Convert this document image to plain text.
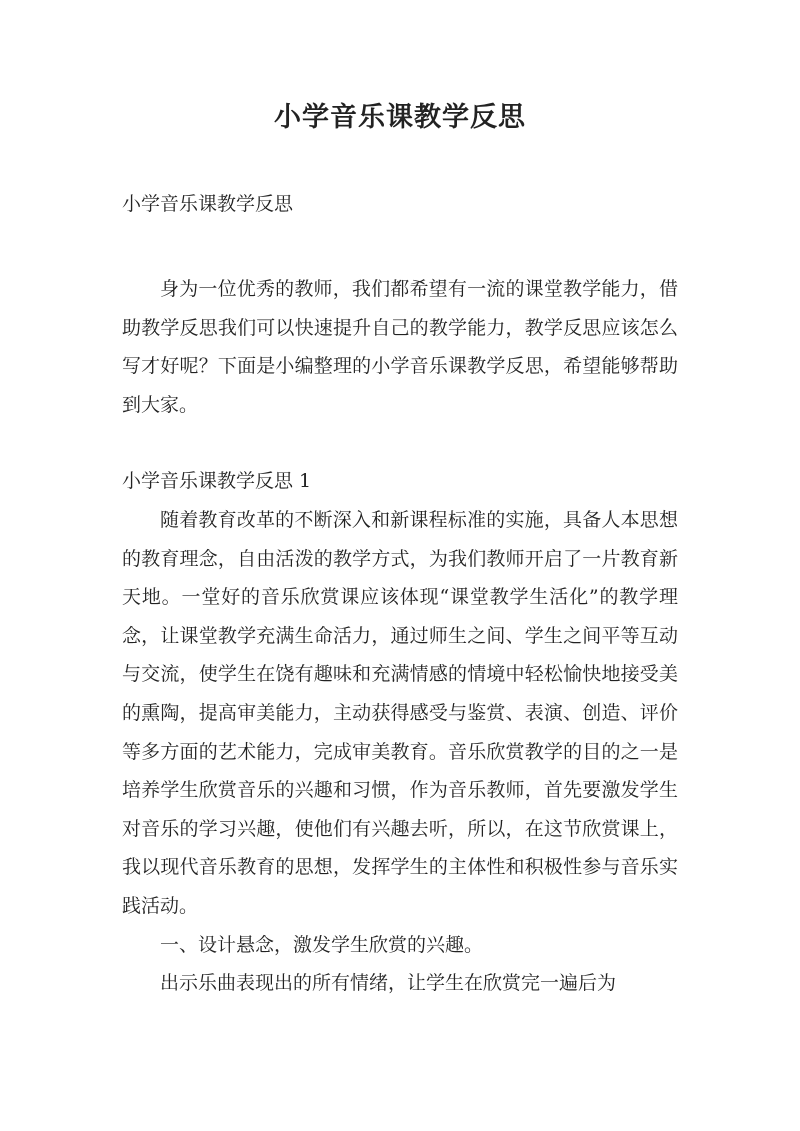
小学音乐课教学反思
小学音乐课教学反思

身为一位优秀的教师，我们都希望有一流的课堂教学能力，借助教学反思我们可以快速提升自己的教学能力，教学反思应该怎么写才好呢？下面是小编整理的小学音乐课教学反思，希望能够帮助到大家。

小学音乐课教学反思 1

随着教育改革的不断深入和新课程标准的实施，具备人本思想的教育理念，自由活泼的教学方式，为我们教师开启了一片教育新天地。一堂好的音乐欣赏课应该体现“课堂教学生活化”的教学理念，让课堂教学充满生命活力，通过师生之间、学生之间平等互动与交流，使学生在饶有趣味和充满情感的情境中轻松愉快地接受美的熏陶，提高审美能力，主动获得感受与鉴赏、表演、创造、评价等多方面的艺术能力，完成审美教育。音乐欣赏教学的目的之一是培养学生欣赏音乐的兴趣和习惯，作为音乐教师，首先要激发学生对音乐的学习兴趣，使他们有兴趣去听，所以，在这节欣赏课上，我以现代音乐教育的思想，发挥学生的主体性和积极性参与音乐实践活动。

一、设计悬念，激发学生欣赏的兴趣。

出示乐曲表现出的所有情绪，让学生在欣赏完一遍后为
